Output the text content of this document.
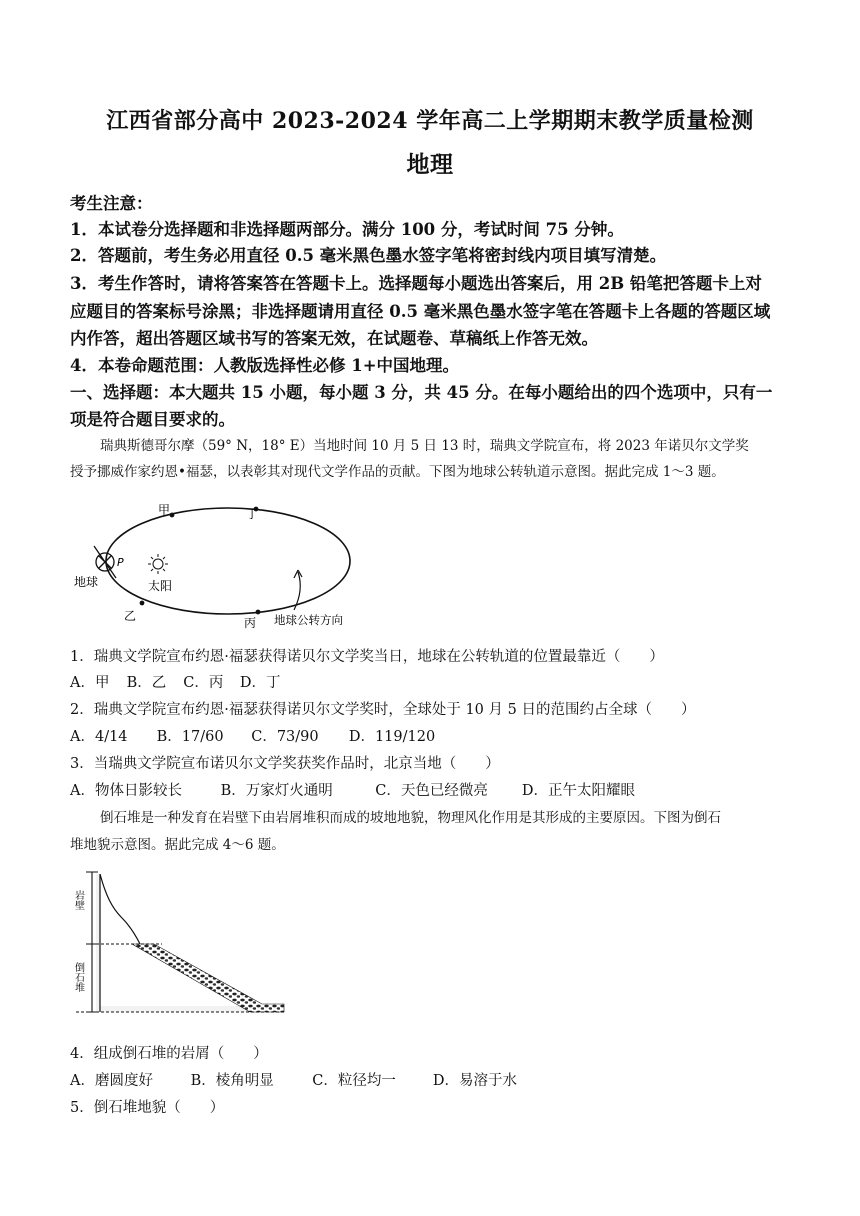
江西省部分高中 2023-2024 学年高二上学期期末教学质量检测
地理
考生注意：
1．本试卷分选择题和非选择题两部分。满分 100 分，考试时间 75 分钟。
2．答题前，考生务必用直径 0.5 毫米黑色墨水签字笔将密封线内项目填写清楚。
3．考生作答时，请将答案答在答题卡上。选择题每小题选出答案后，用 2B 铅笔把答题卡上对
应题目的答案标号涂黑；非选择题请用直径 0.5 毫米黑色墨水签字笔在答题卡上各题的答题区域
内作答，超出答题区域书写的答案无效，在试题卷、草稿纸上作答无效。
4．本卷命题范围：人教版选择性必修 1+中国地理。
一、选择题：本大题共 15 小题，每小题 3 分，共 45 分。在每小题给出的四个选项中，只有一
项是符合题目要求的。
瑞典斯德哥尔摩（59° N，18° E）当地时间 10 月 5 日 13 时，瑞典文学院宣布，将 2023 年诺贝尔文学奖
授予挪威作家约恩•福瑟，以表彰其对现代文学作品的贡献。下图为地球公转轨道示意图。据此完成 1～3 题。
甲	丁
乙	丙
太阳
P
地球
地球公转方向
1．瑞典文学院宣布约恩·福瑟获得诺贝尔文学奖当日，地球在公转轨道的位置最靠近（　　）
A．甲 B．乙 C．丙 D．丁
2．瑞典文学院宣布约恩·福瑟获得诺贝尔文学奖时，全球处于 10 月 5 日的范围约占全球（　　）
A．4/14 B．17/60 C．73/90 D．119/120
3．当瑞典文学院宣布诺贝尔文学奖获奖作品时，北京当地（　　）
A．物体日影较长	B．万家灯火通明	C．天色已经微亮 D．正午太阳耀眼
倒石堆是一种发育在岩壁下由岩屑堆积而成的坡地地貌，物理风化作用是其形成的主要原因。下图为倒石
堆地貌示意图。据此完成 4～6 题。
岩壁
倒石堆
4．组成倒石堆的岩屑（　　）
A．磨圆度好	B．棱角明显	C．粒径均一	D．易溶于水
5．倒石堆地貌（　　）
